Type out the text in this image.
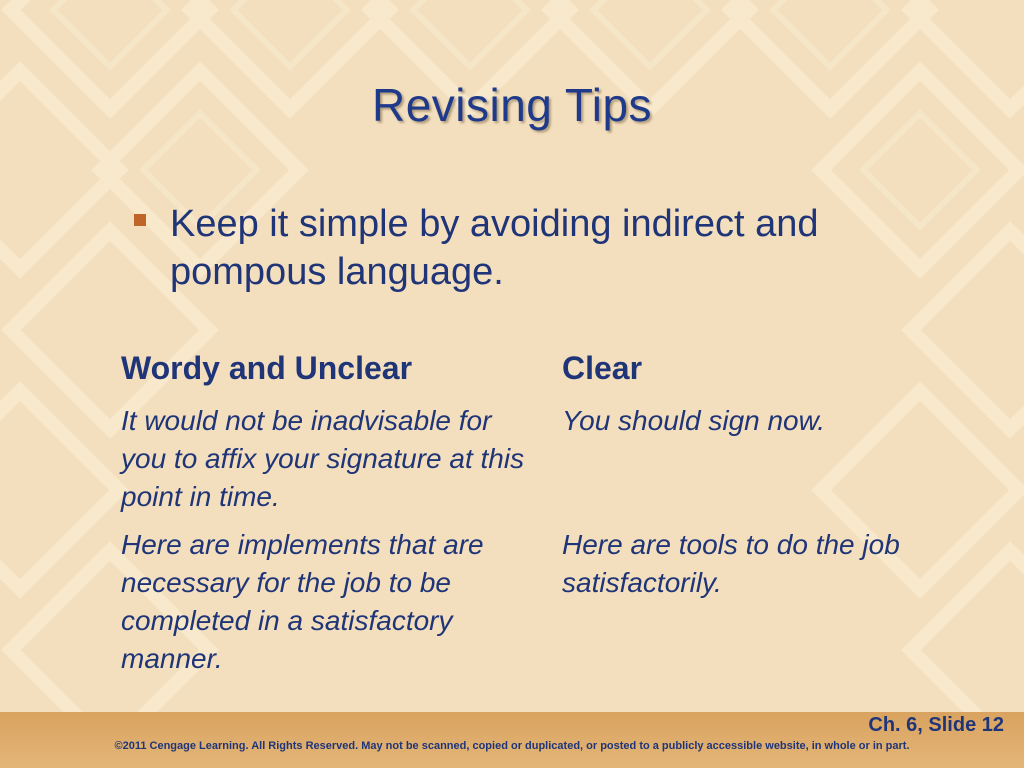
Revising Tips
Keep it simple by avoiding indirect and pompous language.
Wordy and Unclear	Clear
It would not be inadvisable for you to affix your signature at this point in time.
You should sign now.
Here are implements that are necessary for the job to be completed in a satisfactory manner.
Here are tools to do the job satisfactorily.
Ch. 6, Slide 12
©2011 Cengage Learning. All Rights Reserved. May not be scanned, copied or duplicated, or posted to a publicly accessible website, in whole or in part.
